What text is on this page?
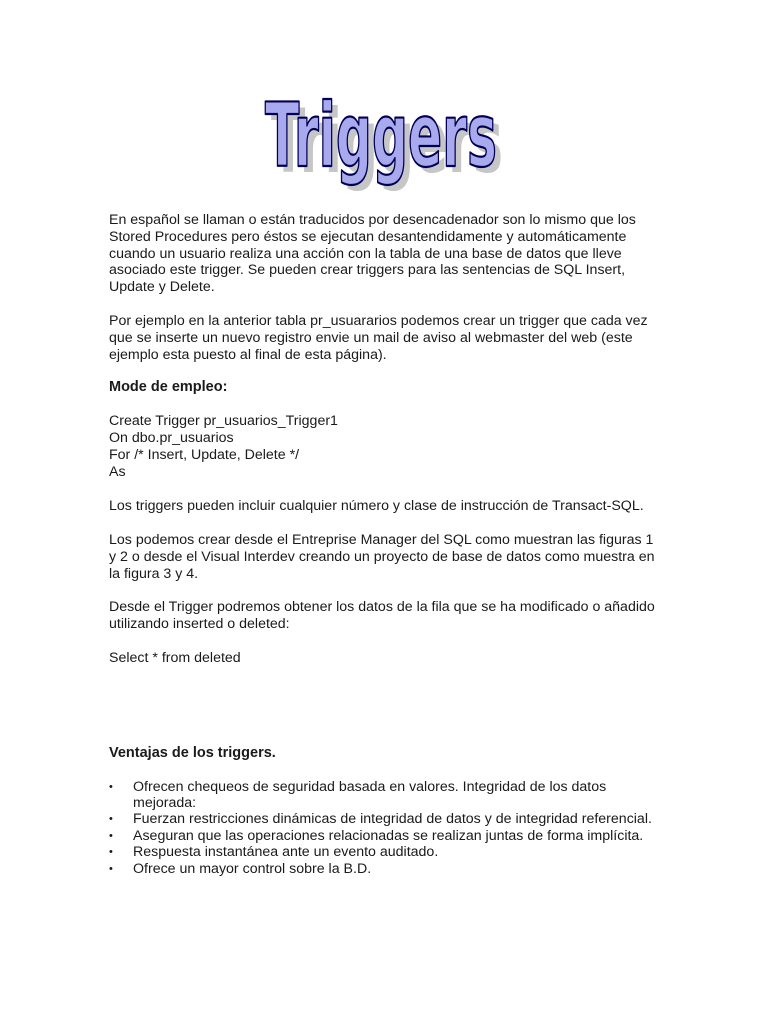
Triggers
Triggers

En español se llaman o están traducidos por desencadenador son lo mismo que los
Stored Procedures pero éstos se ejecutan desantendidamente y automáticamente
cuando un usuario realiza una acción con la tabla de una base de datos que lleve
asociado este trigger. Se pueden crear triggers para las sentencias de SQL Insert,
Update y Delete.

Por ejemplo en la anterior tabla pr_usuararios podemos crear un trigger que cada vez
que se inserte un nuevo registro envie un mail de aviso al webmaster del web (este
ejemplo esta puesto al final de esta página).

Mode de empleo:

Create Trigger pr_usuarios_Trigger1
On dbo.pr_usuarios
For /* Insert, Update, Delete */
As

Los triggers pueden incluir cualquier número y clase de instrucción de Transact-SQL.

Los podemos crear desde el Entreprise Manager del SQL como muestran las figuras 1
y 2 o desde el Visual Interdev creando un proyecto de base de datos como muestra en
la figura 3 y 4.

Desde el Trigger podremos obtener los datos de la fila que se ha modificado o añadido
utilizando inserted o deleted:

Select * from deleted

Ventajas de los triggers.

• Ofrecen chequeos de seguridad basada en valores. Integridad de los datos
mejorada:
• Fuerzan restricciones dinámicas de integridad de datos y de integridad referencial.
• Aseguran que las operaciones relacionadas se realizan juntas de forma implícita.
• Respuesta instantánea ante un evento auditado.
• Ofrece un mayor control sobre la B.D.
